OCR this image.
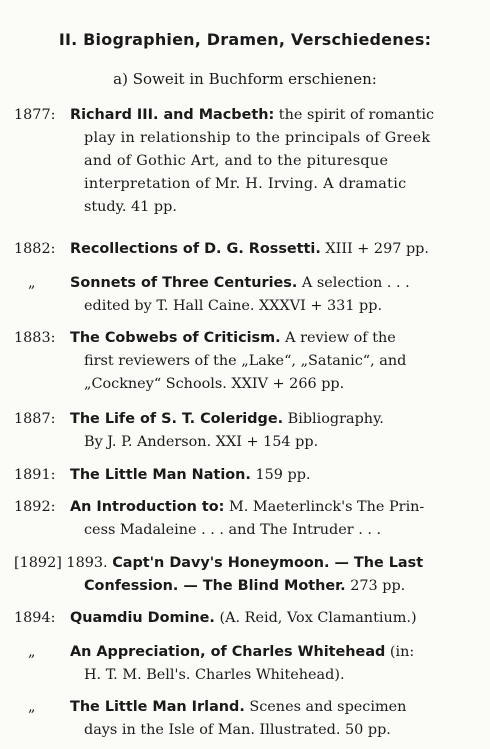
II. Biographien, Dramen, Verschiedenes:
a) Soweit in Buchform erschienen:
1877:	Richard III. and Macbeth: the spirit of romantic
play in relationship to the principals of Greek
and of Gothic Art, and to the pituresque
interpretation of Mr. H. Irving. A dramatic
study. 41 pp.
1882:	Recollections of D. G. Rossetti. XIII + 297 pp.
„	Sonnets of Three Centuries. A selection . . .
edited by T. Hall Caine. XXXVI + 331 pp.
1883:	The Cobwebs of Criticism. A review of the
first reviewers of the „Lake“, „Satanic“, and
„Cockney“ Schools. XXIV + 266 pp.
1887:	The Life of S. T. Coleridge. Bibliography.
By J. P. Anderson. XXI + 154 pp.
1891:	The Little Man Nation. 159 pp.
1892:	An Introduction to: M. Maeterlinck's The Prin-
cess Madaleine . . . and The Intruder . . .
[1892] 1893. Capt'n Davy's Honeymoon. — The Last
Confession. — The Blind Mother. 273 pp.
1894:	Quamdiu Domine. (A. Reid, Vox Clamantium.)
„	An Appreciation, of Charles Whitehead (in:
H. T. M. Bell's. Charles Whitehead).
„	The Little Man Irland. Scenes and specimen
days in the Isle of Man. Illustrated. 50 pp.
